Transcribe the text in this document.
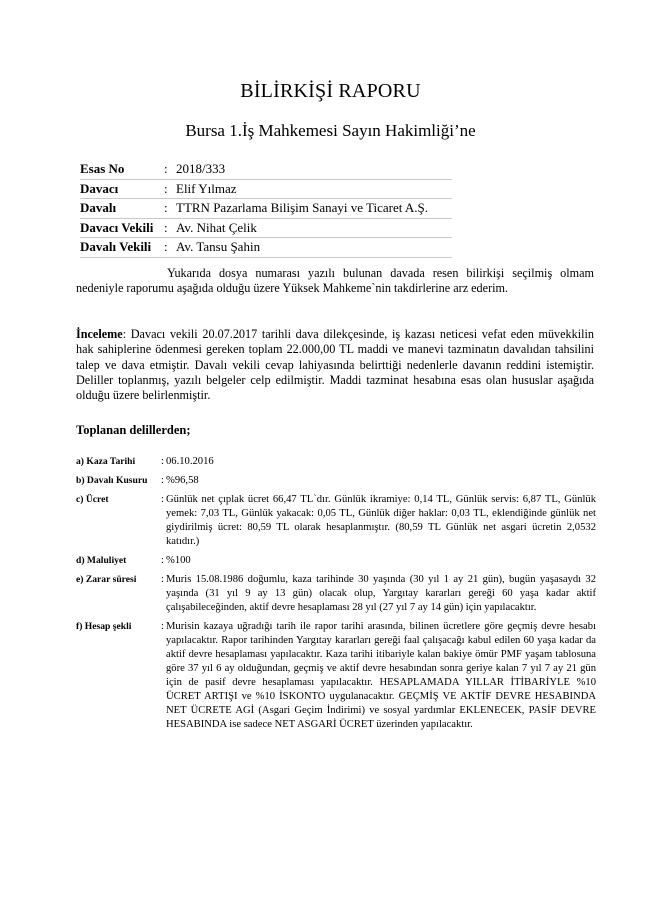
BİLİRKİŞİ RAPORU
Bursa 1.İş Mahkemesi Sayın Hakimliği’ne
Esas No	:	2018/333
Davacı	:	Elif Yılmaz
Davalı	:	TTRN Pazarlama Bilişim Sanayi ve Ticaret A.Ş.
Davacı Vekili	:	Av. Nihat Çelik
Davalı Vekili	:	Av. Tansu Şahin

Yukarıda dosya numarası yazılı bulunan davada resen bilirkişi seçilmiş olmam nedeniyle raporumu aşağıda olduğu üzere Yüksek Mahkeme`nin takdirlerine arz ederim.

İnceleme: Davacı vekili 20.07.2017 tarihli dava dilekçesinde, iş kazası neticesi vefat eden müvekkilin hak sahiplerine ödenmesi gereken toplam 22.000,00 TL maddi ve manevi tazminatın davalıdan tahsilini talep ve dava etmiştir. Davalı vekili cevap lahiyasında belirttiği nedenlerle davanın reddini istemiştir. Deliller toplanmış, yazılı belgeler celp edilmiştir. Maddi tazminat hesabına esas olan hususlar aşağıda olduğu üzere belirlenmiştir.

Toplanan delillerden;
a) Kaza Tarihi	: 06.10.2016
b) Davalı Kusuru	: %96,58
c) Ücret	: Günlük net çıplak ücret 66,47 TL`dır. Günlük ikramiye: 0,14 TL, Günlük servis: 6,87 TL, Günlük yemek: 7,03 TL, Günlük yakacak: 0,05 TL, Günlük diğer haklar: 0,03 TL, eklendiğinde günlük net giydirilmiş ücret: 80,59 TL olarak hesaplanmıştır. (80,59 TL Günlük net asgari ücretin 2,0532 katıdır.)
d) Maluliyet	: %100
e) Zarar süresi	: Muris 15.08.1986 doğumlu, kaza tarihinde 30 yaşında (30 yıl 1 ay 21 gün), bugün yaşasaydı 32 yaşında (31 yıl 9 ay 13 gün) olacak olup, Yargıtay kararları gereği 60 yaşa kadar aktif çalışabileceğinden, aktif devre hesaplaması 28 yıl (27 yıl 7 ay 14 gün) için yapılacaktır.
f) Hesap şekli	: Murisin kazaya uğradığı tarih ile rapor tarihi arasında, bilinen ücretlere göre geçmiş devre hesabı yapılacaktır. Rapor tarihinden Yargıtay kararları gereği faal çalışacağı kabul edilen 60 yaşa kadar da aktif devre hesaplaması yapılacaktır. Kaza tarihi itibariyle kalan bakiye ömür PMF yaşam tablosuna göre 37 yıl 6 ay olduğundan, geçmiş ve aktif devre hesabından sonra geriye kalan 7 yıl 7 ay 21 gün için de pasif devre hesaplaması yapılacaktır. HESAPLAMADA YILLAR İTİBARİYLE %10 ÜCRET ARTIŞI ve %10 İSKONTO uygulanacaktır. GEÇMİŞ VE AKTİF DEVRE HESABINDA NET ÜCRETE AGİ (Asgari Geçim İndirimi) ve sosyal yardımlar EKLENECEK, PASİF DEVRE HESABINDA ise sadece NET ASGARİ ÜCRET üzerinden yapılacaktır.
